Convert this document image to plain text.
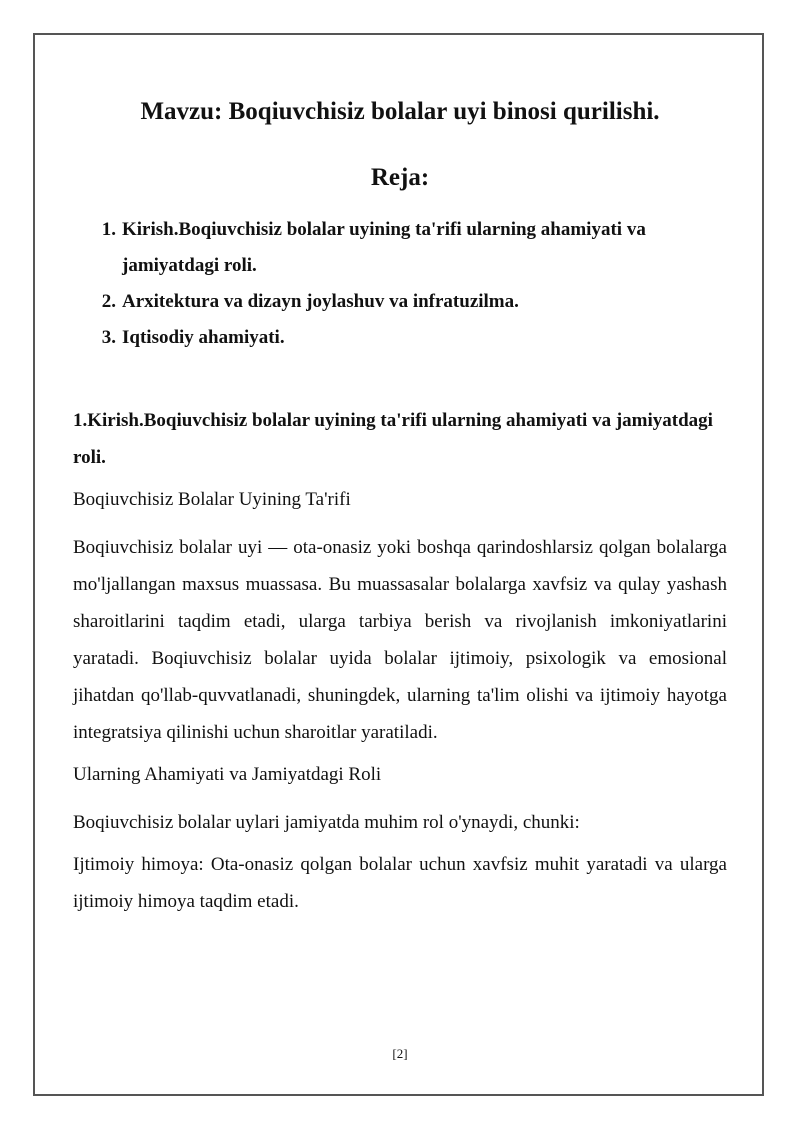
Mavzu: Boqiuvchisiz bolalar uyi binosi qurilishi.
Reja:
1. Kirish.Boqiuvchisiz bolalar uyining ta'rifi ularning ahamiyati va jamiyatdagi roli.
2. Arxitektura va dizayn joylashuv va infratuzilma.
3. Iqtisodiy ahamiyati.
1.Kirish.Boqiuvchisiz bolalar uyining ta'rifi ularning ahamiyati va jamiyatdagi roli.

Boqiuvchisiz Bolalar Uyining Ta'rifi

Boqiuvchisiz bolalar uyi — ota-onasiz yoki boshqa qarindoshlarsiz qolgan bolalarga mo'ljallangan maxsus muassasa. Bu muassasalar bolalarga xavfsiz va qulay yashash sharoitlarini taqdim etadi, ularga tarbiya berish va rivojlanish imkoniyatlarini yaratadi. Boqiuvchisiz bolalar uyida bolalar ijtimoiy, psixologik va emosional jihatdan qo'llab-quvvatlanadi, shuningdek, ularning ta'lim olishi va ijtimoiy hayotga integratsiya qilinishi uchun sharoitlar yaratiladi.

Ularning Ahamiyati va Jamiyatdagi Roli

Boqiuvchisiz bolalar uylari jamiyatda muhim rol o'ynaydi, chunki:

Ijtimoiy himoya: Ota-onasiz qolgan bolalar uchun xavfsiz muhit yaratadi va ularga ijtimoiy himoya taqdim etadi.

[2]
